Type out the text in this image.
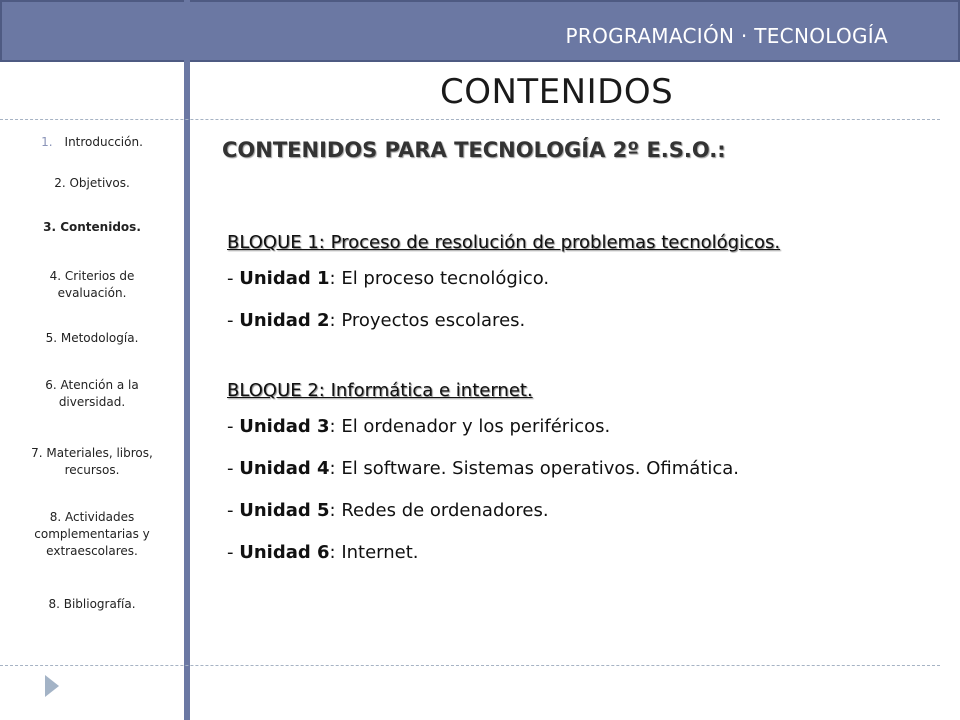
PROGRAMACIÓN · TECNOLOGÍA
CONTENIDOS
CONTENIDOS PARA TECNOLOGÍA 2º E.S.O.:
1. Introducción.
2. Objetivos.
3. Contenidos.
4. Criterios de evaluación.
5. Metodología.
6. Atención a la diversidad.
7. Materiales, libros, recursos.
8. Actividades complementarias y extraescolares.
8. Bibliografía.
BLOQUE 1: Proceso de resolución de problemas tecnológicos.
- Unidad 1: El proceso tecnológico.
- Unidad 2: Proyectos escolares.
BLOQUE 2: Informática e internet.
- Unidad 3: El ordenador y los periféricos.
- Unidad 4: El software. Sistemas operativos. Ofimática.
- Unidad 5: Redes de ordenadores.
- Unidad 6: Internet.
